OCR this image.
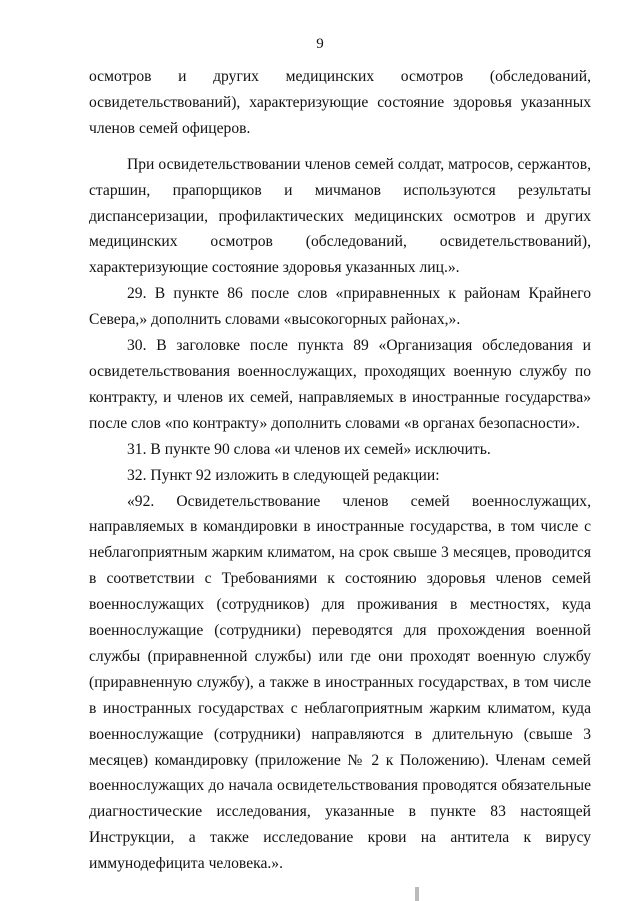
9

осмотров и других медицинских осмотров (обследований, освидетельствований), характеризующие состояние здоровья указанных членов семей офицеров.

При освидетельствовании членов семей солдат, матросов, сержантов, старшин, прапорщиков и мичманов используются результаты диспансеризации, профилактических медицинских осмотров и других медицинских осмотров (обследований, освидетельствований), характеризующие состояние здоровья указанных лиц.».

29. В пункте 86 после слов «приравненных к районам Крайнего Севера,» дополнить словами «высокогорных районах,».

30. В заголовке после пункта 89 «Организация обследования и освидетельствования военнослужащих, проходящих военную службу по контракту, и членов их семей, направляемых в иностранные государства» после слов «по контракту» дополнить словами «в органах безопасности».

31. В пункте 90 слова «и членов их семей» исключить.

32. Пункт 92 изложить в следующей редакции:

«92. Освидетельствование членов семей военнослужащих, направляемых в командировки в иностранные государства, в том числе с неблагоприятным жарким климатом, на срок свыше 3 месяцев, проводится в соответствии с Требованиями к состоянию здоровья членов семей военнослужащих (сотрудников) для проживания в местностях, куда военнослужащие (сотрудники) переводятся для прохождения военной службы (приравненной службы) или где они проходят военную службу (приравненную службу), а также в иностранных государствах, в том числе в иностранных государствах с неблагоприятным жарким климатом, куда военнослужащие (сотрудники) направляются в длительную (свыше 3 месяцев) командировку (приложение № 2 к Положению). Членам семей военнослужащих до начала освидетельствования проводятся обязательные диагностические исследования, указанные в пункте 83 настоящей Инструкции, а также исследование крови на антитела к вирусу иммунодефицита человека.».
